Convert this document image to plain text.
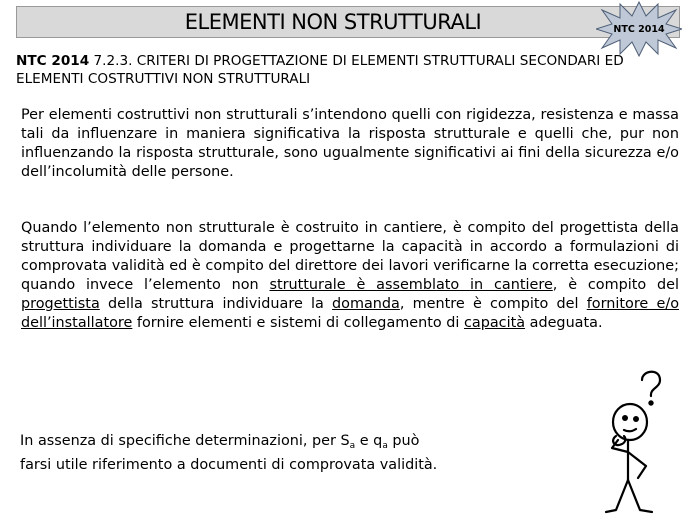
ELEMENTI NON STRUTTURALI	NTC 2014
NTC 2014 7.2.3. CRITERI DI PROGETTAZIONE DI ELEMENTI STRUTTURALI SECONDARI ED ELEMENTI COSTRUTTIVI NON STRUTTURALI
Per elementi costruttivi non strutturali s’intendono quelli con rigidezza, resistenza e massa tali da influenzare in maniera significativa la risposta strutturale e quelli che, pur non influenzando la risposta strutturale, sono ugualmente significativi ai fini della sicurezza e/o dell’incolumità delle persone.
Quando l’elemento non strutturale è costruito in cantiere, è compito del progettista della struttura individuare la domanda e progettarne la capacità in accordo a formulazioni di comprovata validità ed è compito del direttore dei lavori verificarne la corretta esecuzione; quando invece l’elemento non strutturale è assemblato in cantiere, è compito del progettista della struttura individuare la domanda, mentre è compito del fornitore e/o dell’installatore fornire elementi e sistemi di collegamento di capacità adeguata.
In assenza di specifiche determinazioni, per $S_a$ e $q_a$ può farsi utile riferimento a documenti di comprovata validità.
